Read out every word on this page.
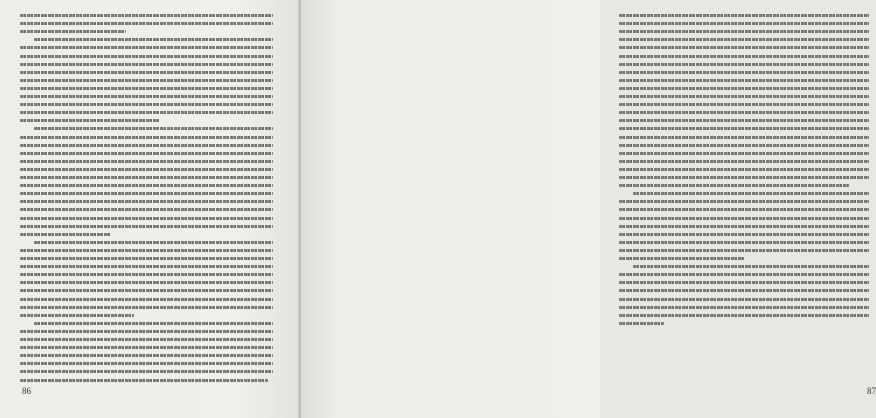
86	87
